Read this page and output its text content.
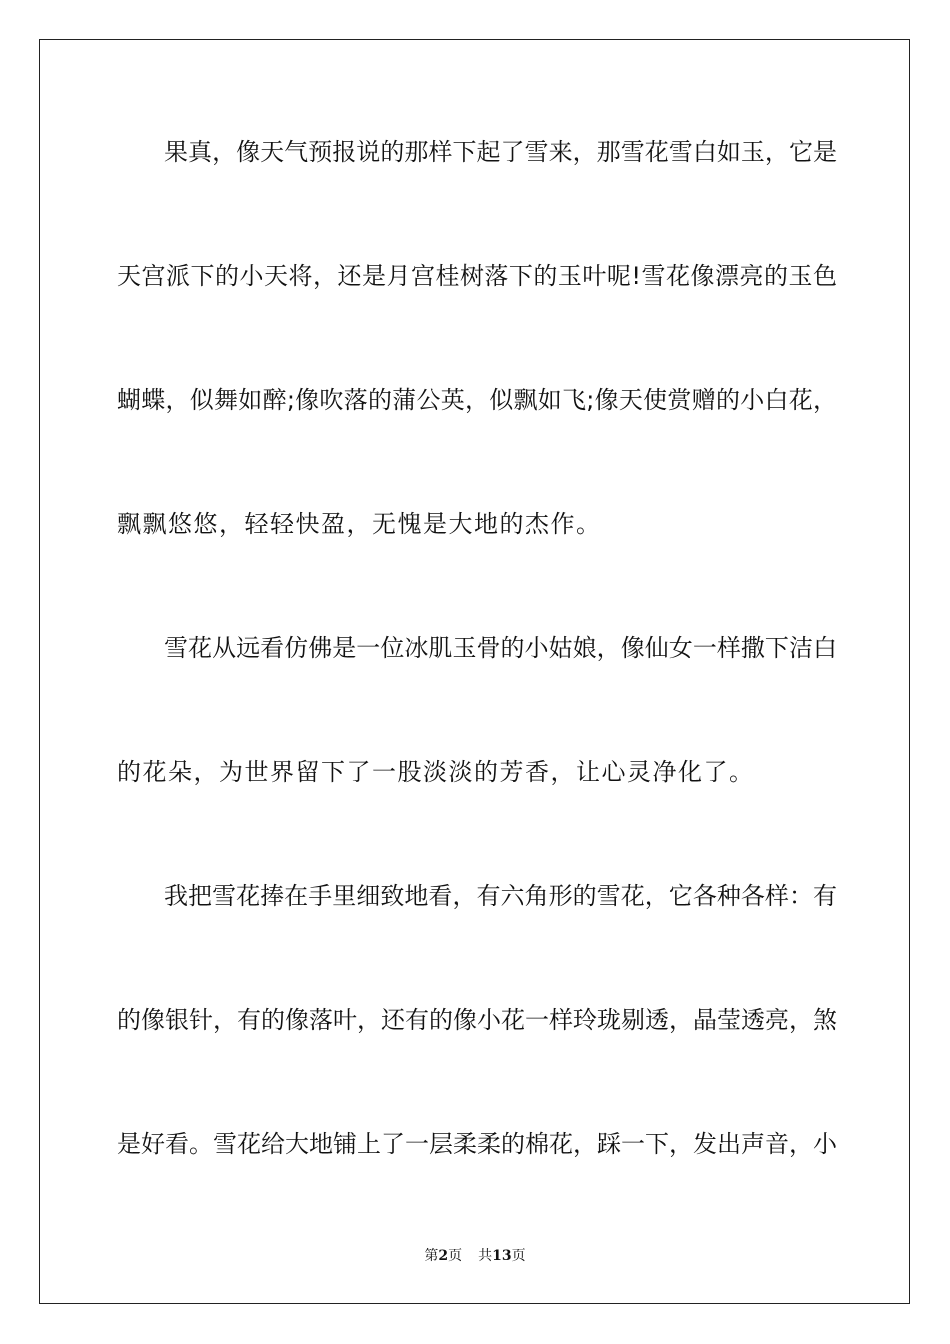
果真，像天气预报说的那样下起了雪来，那雪花雪白如玉，它是
天宫派下的小天将，还是月宫桂树落下的玉叶呢!雪花像漂亮的玉色
蝴蝶，似舞如醉;像吹落的蒲公英，似飘如飞;像天使赏赠的小白花，
飘飘悠悠，轻轻快盈，无愧是大地的杰作。
雪花从远看仿佛是一位冰肌玉骨的小姑娘，像仙女一样撒下洁白
的花朵，为世界留下了一股淡淡的芳香，让心灵净化了。
我把雪花捧在手里细致地看，有六角形的雪花，它各种各样：有
的像银针，有的像落叶，还有的像小花一样玲珑剔透，晶莹透亮，煞
是好看。雪花给大地铺上了一层柔柔的棉花，踩一下，发出声音，小
第2页 共13页
